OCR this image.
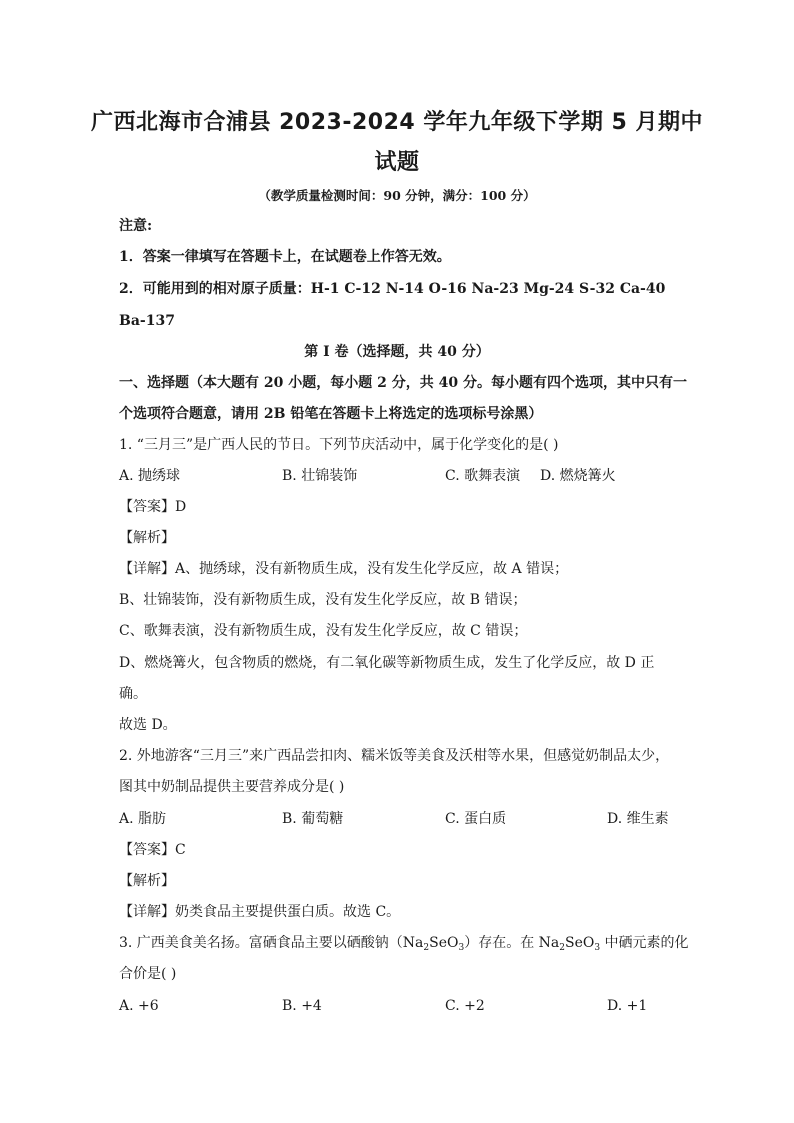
广西北海市合浦县 2023-2024 学年九年级下学期 5 月期中
试题
（教学质量检测时间：90 分钟，满分：100 分）
注意:
1．答案一律填写在答题卡上，在试题卷上作答无效。
2．可能用到的相对原子质量：H-1 C-12 N-14 O-16 Na-23 Mg-24 S-32 Ca-40
Ba-137
第 I 卷（选择题，共 40 分）
一、选择题（本大题有 20 小题，每小题 2 分，共 40 分。每小题有四个选项，其中只有一
个选项符合题意，请用 2B 铅笔在答题卡上将选定的选项标号涂黑）
1. “三月三”是广西人民的节日。下列节庆活动中，属于化学变化的是( )
A. 抛绣球	B. 壮锦装饰	C. 歌舞表演 D. 燃烧篝火
【答案】D
【解析】
【详解】A、抛绣球，没有新物质生成，没有发生化学反应，故 A 错误；
B、壮锦装饰，没有新物质生成，没有发生化学反应，故 B 错误；
C、歌舞表演，没有新物质生成，没有发生化学反应，故 C 错误；
D、燃烧篝火，包含物质的燃烧，有二氧化碳等新物质生成，发生了化学反应，故 D 正
确。
故选 D。
2. 外地游客“三月三”来广西品尝扣肉、糯米饭等美食及沃柑等水果，但感觉奶制品太少，
图其中奶制品提供主要营养成分是( )
A. 脂肪	B. 葡萄糖	C. 蛋白质	D. 维生素
【答案】C
【解析】
【详解】奶类食品主要提供蛋白质。故选 C。
3. 广西美食美名扬。富硒食品主要以硒酸钠$(Na_2SeO_3)$存在。在 $Na_2SeO_3$ 中硒元素的化
合价是( )
A. +6	B. +4	C. +2	D. +1
